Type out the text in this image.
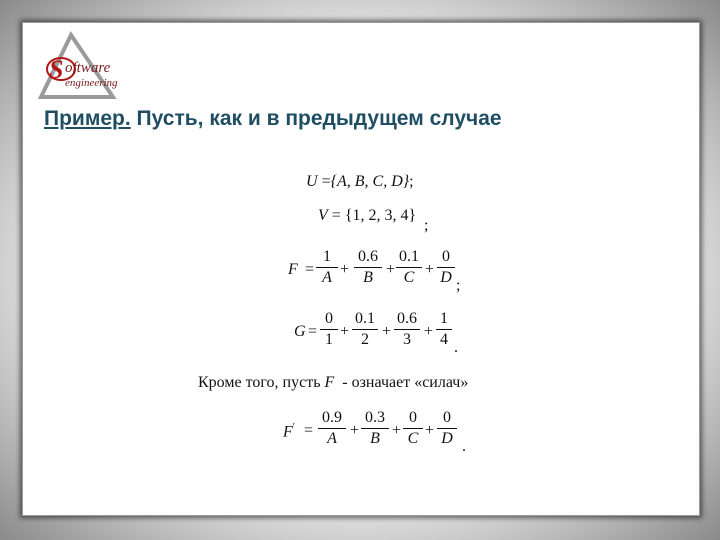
S oftware
engineering
Пример. Пусть, как и в предыдущем случае
U ={A, B, C, D};
V = {1, 2, 3, 4}
;
F =
1
A +
0.6
B +
0.1
C +
0
D ;
G =
0
1 +
0.1
2 +
0.6
3 +
1
4 .
Кроме того, пусть F  - означает «силач»
F′ =
0.9
A +
0.3
B +
0
C +
0
D .
